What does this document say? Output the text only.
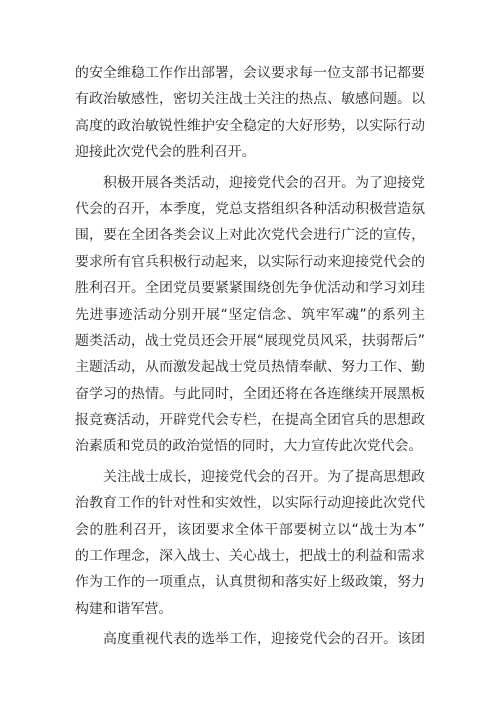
的安全维稳工作作出部署，会议要求每一位支部书记都要
有政治敏感性，密切关注战士关注的热点、敏感问题。以
高度的政治敏锐性维护安全稳定的大好形势，以实际行动
迎接此次党代会的胜利召开。
积极开展各类活动，迎接党代会的召开。为了迎接党
代会的召开，本季度，党总支搭组织各种活动积极营造氛
围，要在全团各类会议上对此次党代会进行广泛的宣传，
要求所有官兵积极行动起来，以实际行动来迎接党代会的
胜利召开。全团党员要紧紧围绕创先争优活动和学习刘珪
先进事迹活动分别开展“坚定信念、筑牢军魂”的系列主
题类活动，战士党员还会开展“展现党员风采，扶弱帮后”
主题活动，从而激发起战士党员热情奉献、努力工作、勤
奋学习的热情。与此同时，全团还将在各连继续开展黑板
报竞赛活动，开辟党代会专栏，在提高全团官兵的思想政
治素质和党员的政治觉悟的同时，大力宣传此次党代会。
关注战士成长，迎接党代会的召开。为了提高思想政
治教育工作的针对性和实效性，以实际行动迎接此次党代
会的胜利召开，该团要求全体干部要树立以“战士为本”
的工作理念，深入战士、关心战士，把战士的利益和需求
作为工作的一项重点，认真贯彻和落实好上级政策，努力
构建和谐军营。
高度重视代表的选举工作，迎接党代会的召开。该团
